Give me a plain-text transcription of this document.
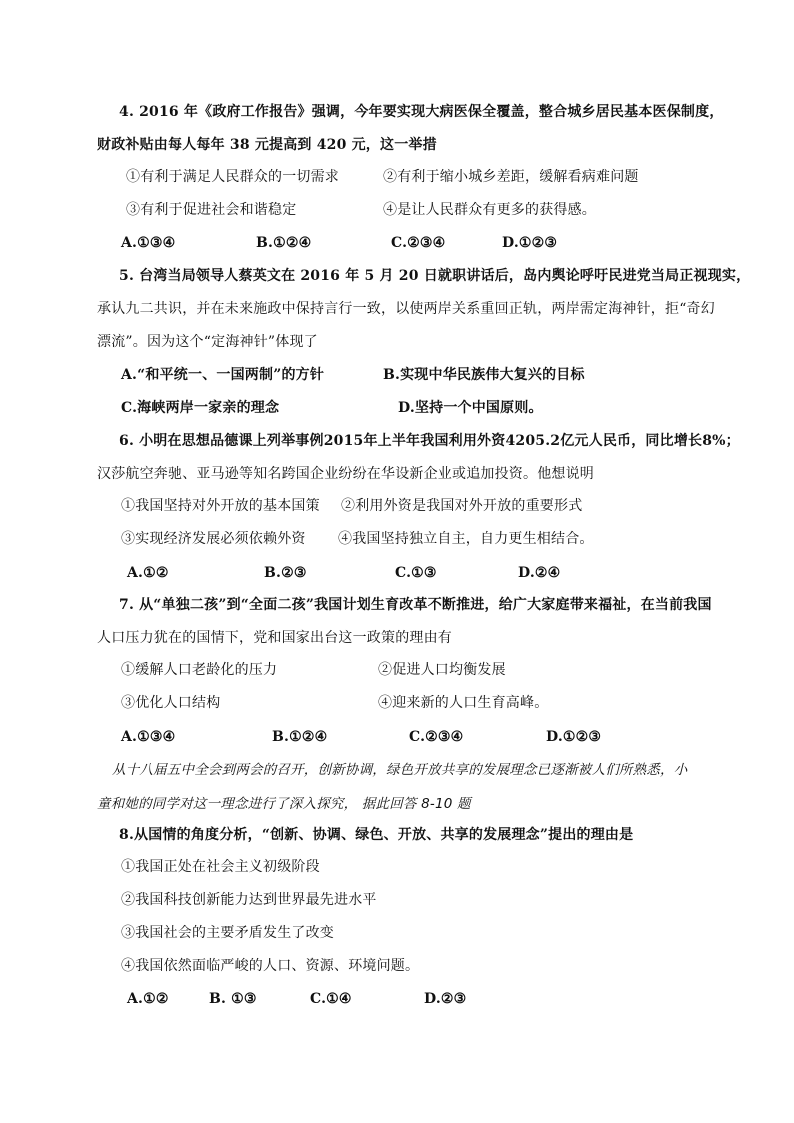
4. 2016 年《政府工作报告》强调，今年要实现大病医保全覆盖，整合城乡居民基本医保制度，
财政补贴由每人每年 38 元提高到 420 元，这一举措
①有利于满足人民群众的一切需求	②有利于缩小城乡差距，缓解看病难问题
③有利于促进社会和谐稳定	④是让人民群众有更多的获得感。
A.①③④	B.①②④	C.②③④	D.①②③
5. 台湾当局领导人蔡英文在 2016 年 5 月 20 日就职讲话后，岛内舆论呼吁民进党当局正视现实，
承认九二共识，并在未来施政中保持言行一致，以使两岸关系重回正轨，两岸需定海神针，拒“奇幻
漂流”。因为这个“定海神针”体现了
A.“和平统一、一国两制”的方针	B.实现中华民族伟大复兴的目标
C.海峡两岸一家亲的理念	D.坚持一个中国原则。
6. 小明在思想品德课上列举事例2015年上半年我国利用外资4205.2亿元人民币，同比增长8%；
汉莎航空奔驰、亚马逊等知名跨国企业纷纷在华设新企业或追加投资。他想说明
①我国坚持对外开放的基本国策 ②利用外资是我国对外开放的重要形式
③实现经济发展必须依赖外资 ④我国坚持独立自主，自力更生相结合。
A.①②	B.②③	C.①③	D.②④
7. 从“单独二孩”到“全面二孩”我国计划生育改革不断推进，给广大家庭带来福祉，在当前我国
人口压力犹在的国情下，党和国家出台这一政策的理由有
①缓解人口老龄化的压力	②促进人口均衡发展
③优化人口结构	④迎来新的人口生育高峰。
A.①③④	B.①②④	C.②③④	D.①②③
从十八届五中全会到两会的召开，创新协调，绿色开放共享的发展理念已逐渐被人们所熟悉，小
童和她的同学对这一理念进行了深入探究， 据此回答 8-10 题
8.从国情的角度分析，“创新、协调、绿色、开放、共享的发展理念”提出的理由是
①我国正处在社会主义初级阶段
②我国科技创新能力达到世界最先进水平
③我国社会的主要矛盾发生了改变
④我国依然面临严峻的人口、资源、环境问题。
A.①②	B. ①③	C.①④	D.②③
